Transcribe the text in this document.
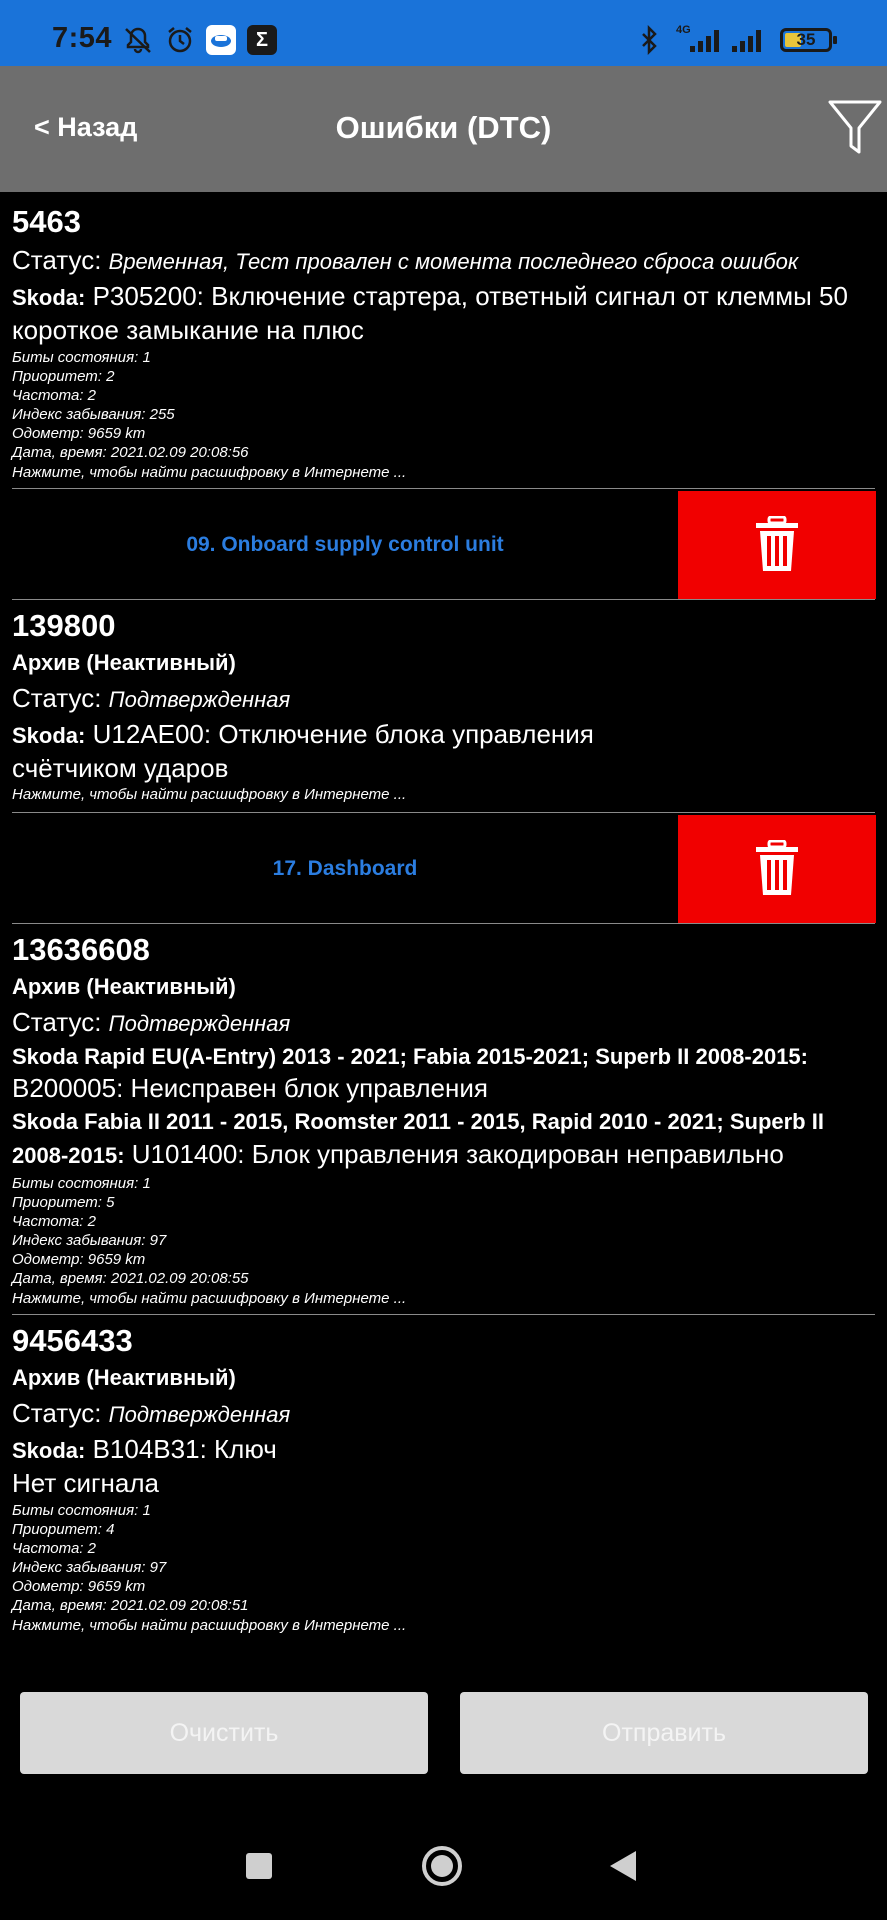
7:54	Σ	4G	35
< Назад	Ошибки (DTC)
5463
Статус: Временная, Тест провален с момента последнего сброса ошибок
Skoda: P305200: Включение стартера, ответный сигнал от клеммы 50
короткое замыкание на плюс
Биты состояния: 1
Приоритет: 2
Частота: 2
Индекс забывания: 255
Одометр: 9659 km
Дата, время: 2021.02.09 20:08:56
Нажмите, чтобы найти расшифровку в Интернете ...
09. Onboard supply control unit
139800
Архив (Неактивный)
Статус: Подтвержденная
Skoda: U12AE00: Отключение блока управления
счётчиком ударов
Нажмите, чтобы найти расшифровку в Интернете ...
17. Dashboard
13636608
Архив (Неактивный)
Статус: Подтвержденная
Skoda Rapid EU(A-Entry) 2013 - 2021; Fabia 2015-2021; Superb II 2008-2015:
B200005: Неисправен блок управления
Skoda Fabia II 2011 - 2015, Roomster 2011 - 2015, Rapid 2010 - 2021; Superb II 2008-2015: U101400: Блок управления закодирован неправильно
Биты состояния: 1
Приоритет: 5
Частота: 2
Индекс забывания: 97
Одометр: 9659 km
Дата, время: 2021.02.09 20:08:55
Нажмите, чтобы найти расшифровку в Интернете ...
9456433
Архив (Неактивный)
Статус: Подтвержденная
Skoda: B104B31: Ключ
Нет сигнала
Биты состояния: 1
Приоритет: 4
Частота: 2
Индекс забывания: 97
Одометр: 9659 km
Дата, время: 2021.02.09 20:08:51
Нажмите, чтобы найти расшифровку в Интернете ...
Очистить	Отправить
